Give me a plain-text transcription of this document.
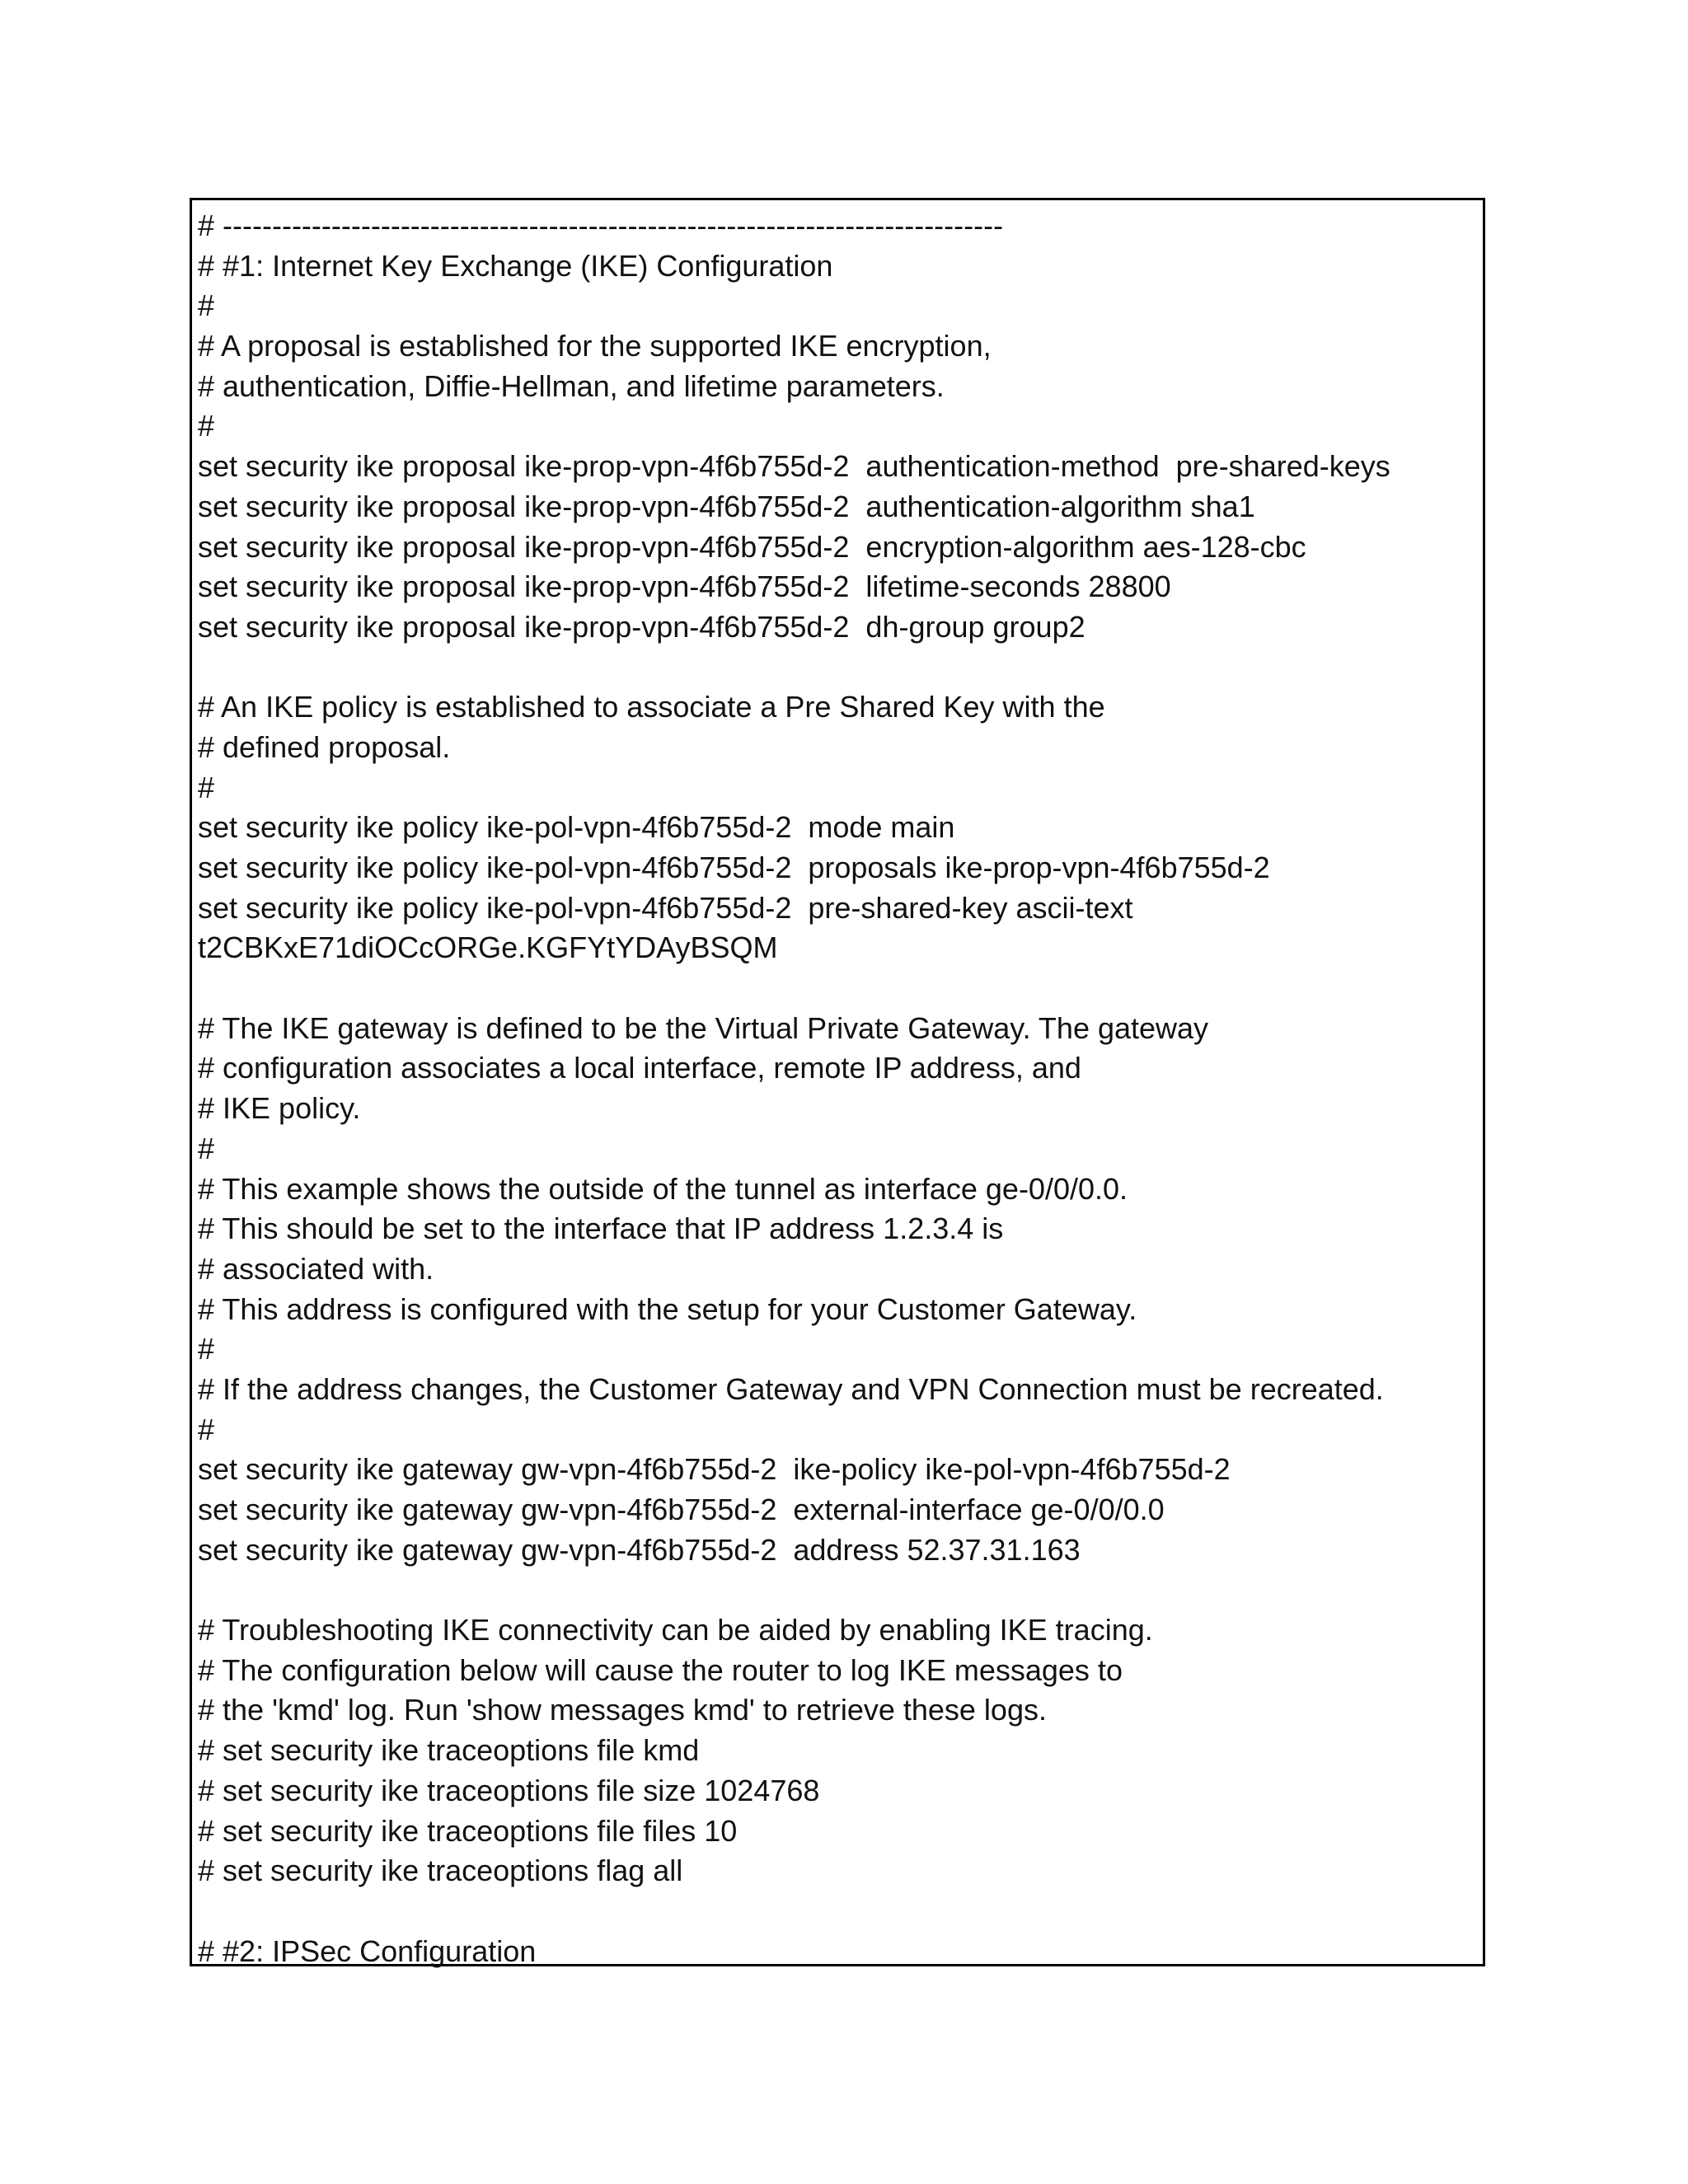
# -------------------------------------------------------------------------------
# #1: Internet Key Exchange (IKE) Configuration
#
# A proposal is established for the supported IKE encryption,
# authentication, Diffie-Hellman, and lifetime parameters.
#
set security ike proposal ike-prop-vpn-4f6b755d-2  authentication-method  pre-shared-keys
set security ike proposal ike-prop-vpn-4f6b755d-2  authentication-algorithm sha1
set security ike proposal ike-prop-vpn-4f6b755d-2  encryption-algorithm aes-128-cbc
set security ike proposal ike-prop-vpn-4f6b755d-2  lifetime-seconds 28800
set security ike proposal ike-prop-vpn-4f6b755d-2  dh-group group2
# An IKE policy is established to associate a Pre Shared Key with the
# defined proposal.
#
set security ike policy ike-pol-vpn-4f6b755d-2  mode main
set security ike policy ike-pol-vpn-4f6b755d-2  proposals ike-prop-vpn-4f6b755d-2
set security ike policy ike-pol-vpn-4f6b755d-2  pre-shared-key ascii-text
t2CBKxE71diOCcORGe.KGFYtYDAyBSQM
# The IKE gateway is defined to be the Virtual Private Gateway. The gateway
# configuration associates a local interface, remote IP address, and
# IKE policy.
#
# This example shows the outside of the tunnel as interface ge-0/0/0.0.
# This should be set to the interface that IP address 1.2.3.4 is
# associated with.
# This address is configured with the setup for your Customer Gateway.
#
# If the address changes, the Customer Gateway and VPN Connection must be recreated.
#
set security ike gateway gw-vpn-4f6b755d-2  ike-policy ike-pol-vpn-4f6b755d-2
set security ike gateway gw-vpn-4f6b755d-2  external-interface ge-0/0/0.0
set security ike gateway gw-vpn-4f6b755d-2  address 52.37.31.163
# Troubleshooting IKE connectivity can be aided by enabling IKE tracing.
# The configuration below will cause the router to log IKE messages to
# the 'kmd' log. Run 'show messages kmd' to retrieve these logs.
# set security ike traceoptions file kmd
# set security ike traceoptions file size 1024768
# set security ike traceoptions file files 10
# set security ike traceoptions flag all
# #2: IPSec Configuration
